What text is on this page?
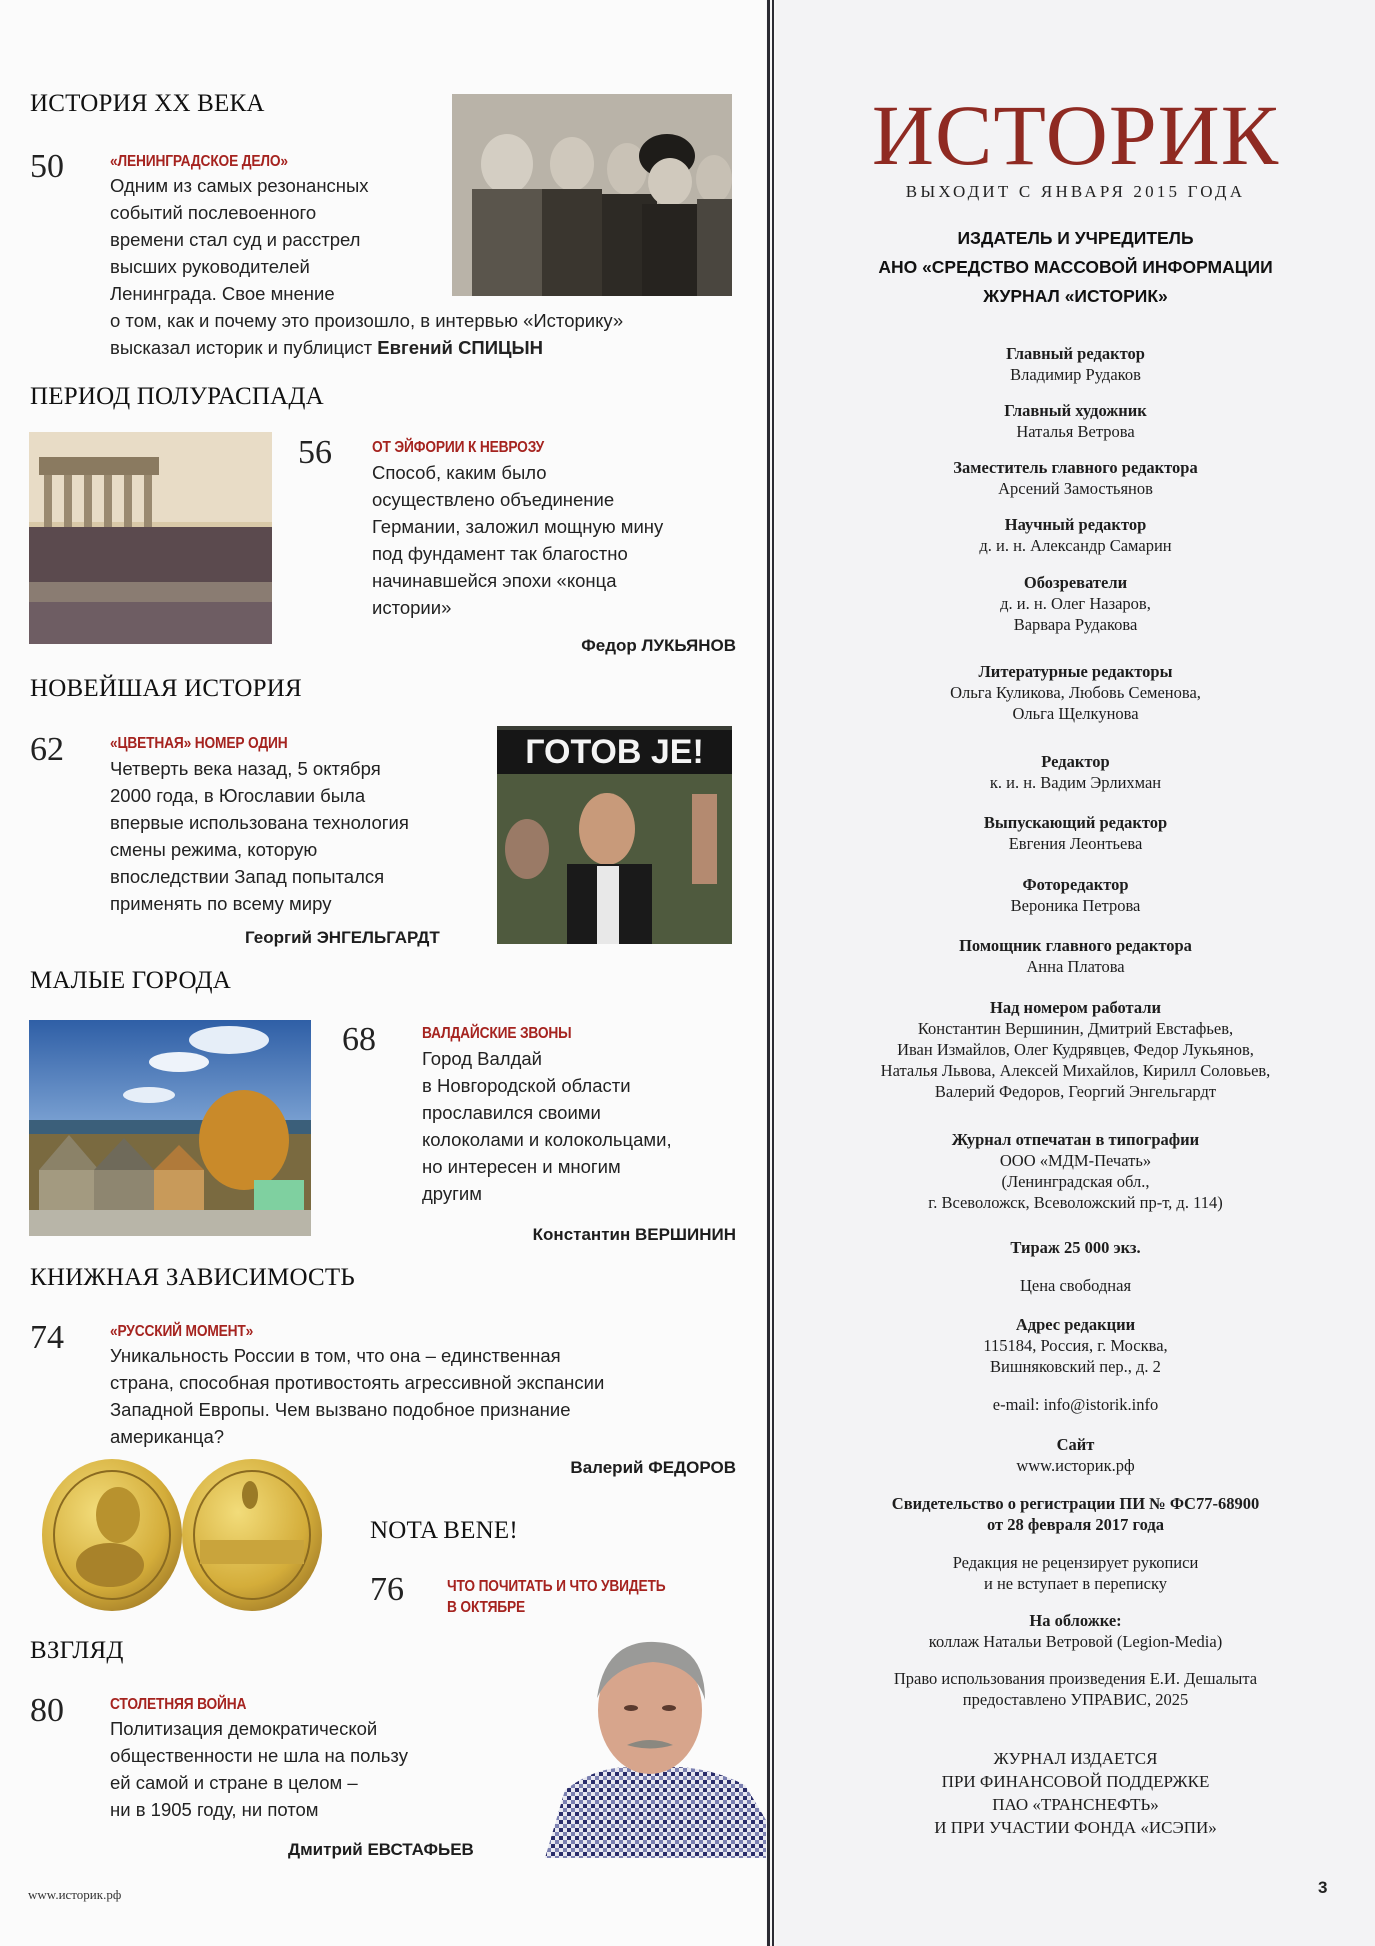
ИСТОРИЯ XX ВЕКА
50	«ЛЕНИНГРАДСКОЕ ДЕЛО»
Одним из самых резонансных
событий послевоенного
времени стал суд и расстрел
высших руководителей
Ленинграда. Свое мнение
о том, как и почему это произошло, в интервью «Историку»
высказал историк и публицист Евгений СПИЦЫН
ПЕРИОД ПОЛУРАСПАДА
56	ОТ ЭЙФОРИИ К НЕВРОЗУ
Способ, каким было
осуществлено объединение
Германии, заложил мощную мину
под фундамент так благостно
начинавшейся эпохи «конца
истории»
Федор ЛУКЬЯНОВ
НОВЕЙШАЯ ИСТОРИЯ
62	«ЦВЕТНАЯ» НОМЕР ОДИН
Четверть века назад, 5 октября
2000 года, в Югославии была
впервые использована технология
смены режима, которую
впоследствии Запад попытался
применять по всему миру
Георгий ЭНГЕЛЬГАРДТ
ГОТОВ JE!
МАЛЫЕ ГОРОДА
68	ВАЛДАЙСКИЕ ЗВОНЫ
Город Валдай
в Новгородской области
прославился своими
колоколами и колокольцами,
но интересен и многим
другим
Константин ВЕРШИНИН
КНИЖНАЯ ЗАВИСИМОСТЬ
74	«РУССКИЙ МОМЕНТ»
Уникальность России в том, что она – единственная
страна, способная противостоять агрессивной экспансии
Западной Европы. Чем вызвано подобное признание
американца?
Валерий ФЕДОРОВ
NOTA BENE!
76	ЧТО ПОЧИТАТЬ И ЧТО УВИДЕТЬ
В ОКТЯБРЕ
ВЗГЛЯД
80	СТОЛЕТНЯЯ ВОЙНА
Политизация демократической
общественности не шла на пользу
ей самой и стране в целом –
ни в 1905 году, ни потом
Дмитрий ЕВСТАФЬЕВ
www.историк.рф
ИСТОРИК
ВЫХОДИТ С ЯНВАРЯ 2015 ГОДА
ИЗДАТЕЛЬ И УЧРЕДИТЕЛЬ
АНО «СРЕДСТВО МАССОВОЙ ИНФОРМАЦИИ
ЖУРНАЛ «ИСТОРИК»
Главный редактор
Владимир Рудаков
Главный художник
Наталья Ветрова
Заместитель главного редактора
Арсений Замостьянов
Научный редактор
д. и. н. Александр Самарин
Обозреватели
д. и. н. Олег Назаров,
Варвара Рудакова
Литературные редакторы
Ольга Куликова, Любовь Семенова,
Ольга Щелкунова
Редактор
к. и. н. Вадим Эрлихман
Выпускающий редактор
Евгения Леонтьева
Фоторедактор
Вероника Петрова
Помощник главного редактора
Анна Платова
Над номером работали
Константин Вершинин, Дмитрий Евстафьев,
Иван Измайлов, Олег Кудрявцев, Федор Лукьянов,
Наталья Львова, Алексей Михайлов, Кирилл Соловьев,
Валерий Федоров, Георгий Энгельгардт
Журнал отпечатан в типографии
ООО «МДМ-Печать»
(Ленинградская обл.,
г. Всеволожск, Всеволожский пр-т, д. 114)
Тираж 25 000 экз.
Цена свободная
Адрес редакции
115184, Россия, г. Москва,
Вишняковский пер., д. 2
e-mail: info@istorik.info
Сайт
www.историк.рф
Свидетельство о регистрации ПИ № ФС77-68900
от 28 февраля 2017 года
Редакция не рецензирует рукописи
и не вступает в переписку
На обложке:
коллаж Натальи Ветровой (Legion-Media)
Право использования произведения Е.И. Дешалыта
предоставлено УПРАВИС, 2025
ЖУРНАЛ ИЗДАЕТСЯ
ПРИ ФИНАНСОВОЙ ПОДДЕРЖКЕ
ПАО «ТРАНСНЕФТЬ»
И ПРИ УЧАСТИИ ФОНДА «ИСЭПИ»
3
